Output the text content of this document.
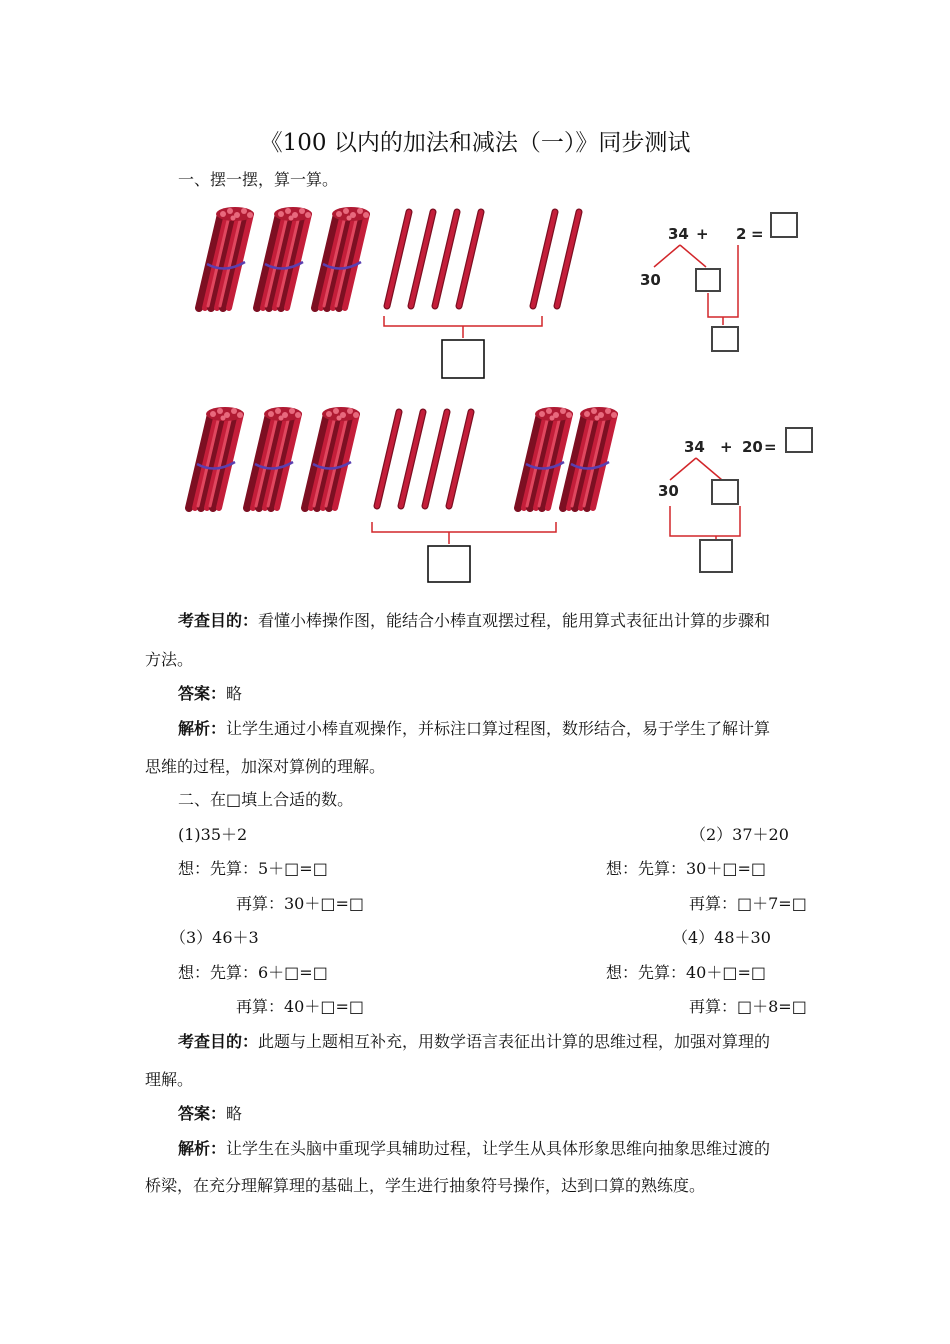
《100 以内的加法和减法（一）》同步测试
一、摆一摆，算一算。
34 + 2 =
30
34 + 20 =
30
考查目的：看懂小棒操作图，能结合小棒直观摆过程，能用算式表征出计算的步骤和
方法。
答案：略
解析：让学生通过小棒直观操作，并标注口算过程图，数形结合，易于学生了解计算
思维的过程，加深对算例的理解。
二、在□填上合适的数。
(1)35＋2	（2）37＋20
想：先算：5＋□=□	想：先算：30＋□=□
再算：30＋□=□	再算：□＋7=□
（3）46＋3	（4）48＋30
想：先算：6＋□=□	想：先算：40＋□=□
再算：40＋□=□	再算：□＋8=□
考查目的：此题与上题相互补充，用数学语言表征出计算的思维过程，加强对算理的
理解。
答案：略
解析：让学生在头脑中重现学具辅助过程，让学生从具体形象思维向抽象思维过渡的
桥梁，在充分理解算理的基础上，学生进行抽象符号操作，达到口算的熟练度。
